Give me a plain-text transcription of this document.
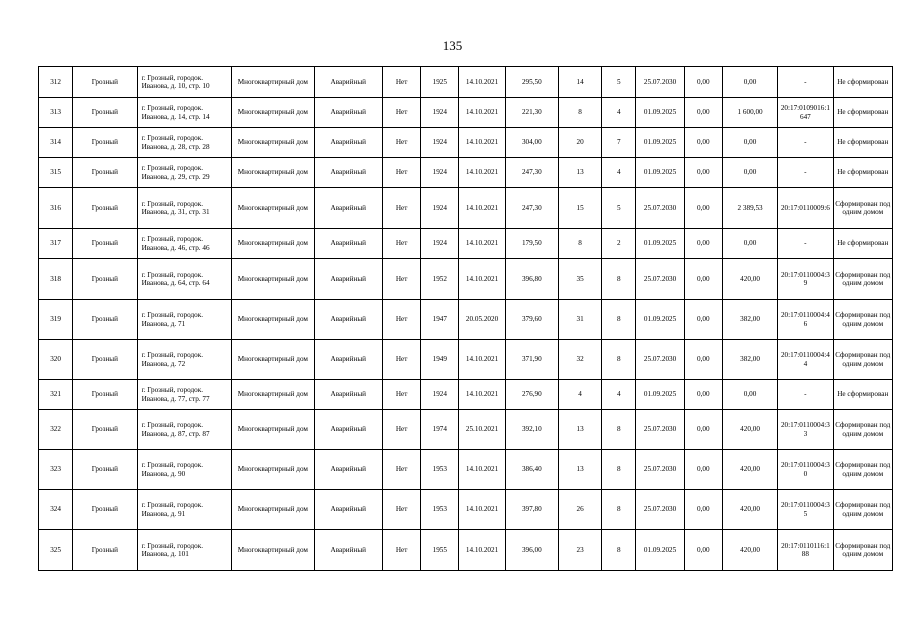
135
312	Грозный	г. Грозный, городок. Иванова, д. 10, стр. 10	Многоквартирный дом	Аварийный	Нет	1925	14.10.2021	295,50	14	5	25.07.2030	0,00	0,00	-	Не сформирован
313	Грозный	г. Грозный, городок. Иванова, д. 14, стр. 14	Многоквартирный дом	Аварийный	Нет	1924	14.10.2021	221,30	8	4	01.09.2025	0,00	1 600,00	20:17:0109016:1647	Не сформирован
314	Грозный	г. Грозный, городок. Иванова, д. 28, стр. 28	Многоквартирный дом	Аварийный	Нет	1924	14.10.2021	304,00	20	7	01.09.2025	0,00	0,00	-	Не сформирован
315	Грозный	г. Грозный, городок. Иванова, д. 29, стр. 29	Многоквартирный дом	Аварийный	Нет	1924	14.10.2021	247,30	13	4	01.09.2025	0,00	0,00	-	Не сформирован
316	Грозный	г. Грозный, городок. Иванова, д. 31, стр. 31	Многоквартирный дом	Аварийный	Нет	1924	14.10.2021	247,30	15	5	25.07.2030	0,00	2 389,53	20:17:0110009:6	Сформирован под одним домом
317	Грозный	г. Грозный, городок. Иванова, д. 46, стр. 46	Многоквартирный дом	Аварийный	Нет	1924	14.10.2021	179,50	8	2	01.09.2025	0,00	0,00	-	Не сформирован
318	Грозный	г. Грозный, городок. Иванова, д. 64, стр. 64	Многоквартирный дом	Аварийный	Нет	1952	14.10.2021	396,80	35	8	25.07.2030	0,00	420,00	20:17:0110004:39	Сформирован под одним домом
319	Грозный	г. Грозный, городок. Иванова, д. 71	Многоквартирный дом	Аварийный	Нет	1947	20.05.2020	379,60	31	8	01.09.2025	0,00	382,00	20:17:0110004:46	Сформирован под одним домом
320	Грозный	г. Грозный, городок. Иванова, д. 72	Многоквартирный дом	Аварийный	Нет	1949	14.10.2021	371,90	32	8	25.07.2030	0,00	382,00	20:17:0110004:44	Сформирован под одним домом
321	Грозный	г. Грозный, городок. Иванова, д. 77, стр. 77	Многоквартирный дом	Аварийный	Нет	1924	14.10.2021	276,90	4	4	01.09.2025	0,00	0,00	-	Не сформирован
322	Грозный	г. Грозный, городок. Иванова, д. 87, стр. 87	Многоквартирный дом	Аварийный	Нет	1974	25.10.2021	392,10	13	8	25.07.2030	0,00	420,00	20:17:0110004:33	Сформирован под одним домом
323	Грозный	г. Грозный, городок. Иванова, д. 90	Многоквартирный дом	Аварийный	Нет	1953	14.10.2021	386,40	13	8	25.07.2030	0,00	420,00	20:17:0110004:30	Сформирован под одним домом
324	Грозный	г. Грозный, городок. Иванова, д. 91	Многоквартирный дом	Аварийный	Нет	1953	14.10.2021	397,80	26	8	25.07.2030	0,00	420,00	20:17:0110004:35	Сформирован под одним домом
325	Грозный	г. Грозный, городок. Иванова, д. 101	Многоквартирный дом	Аварийный	Нет	1955	14.10.2021	396,00	23	8	01.09.2025	0,00	420,00	20:17:0110116:188	Сформирован под одним домом
